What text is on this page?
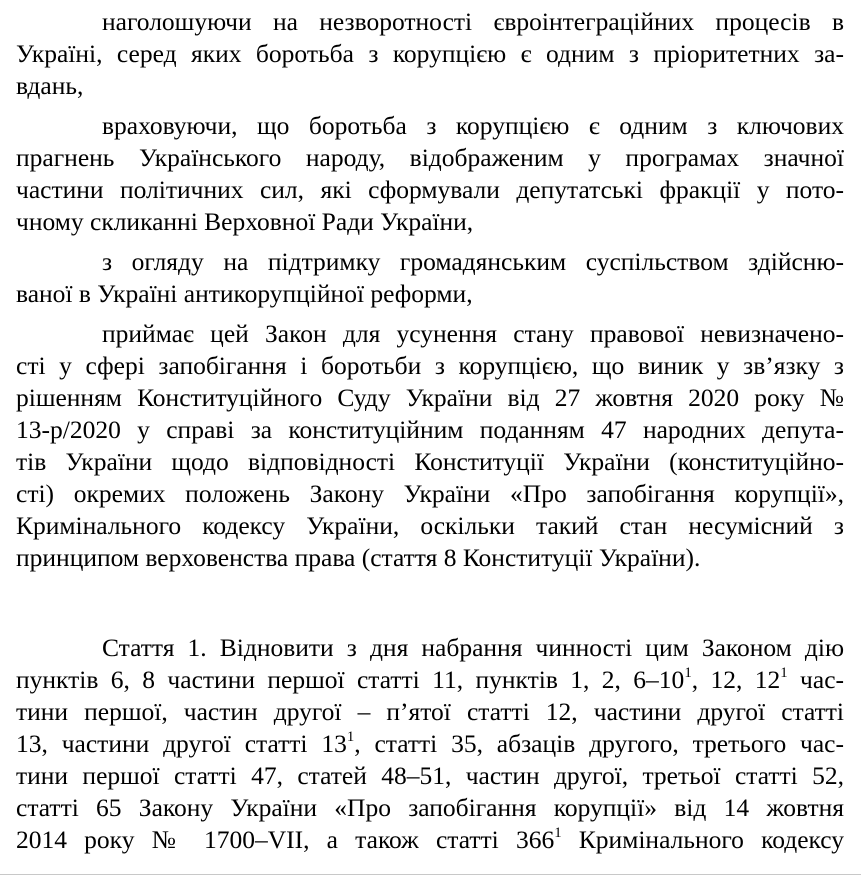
наголошуючи на незворотності євроінтеграційних процесів в
Україні, серед яких боротьба з корупцією є одним з пріоритетних за-
вдань,
враховуючи, що боротьба з корупцією є одним з ключових
прагнень Українського народу, відображеним у програмах значної
частини політичних сил, які сформували депутатські фракції у пото-
чному скликанні Верховної Ради України,
з огляду на підтримку громадянським суспільством здійсню-
ваної в Україні антикорупційної реформи,
приймає цей Закон для усунення стану правової невизначено-
сті у сфері запобігання і боротьби з корупцією, що виник у зв’язку з
рішенням Конституційного Суду України від 27 жовтня 2020 року №
13-р/2020 у справі за конституційним поданням 47 народних депута-
тів України щодо відповідності Конституції України (конституційно-
сті) окремих положень Закону України «Про запобігання корупції»,
Кримінального кодексу України, оскільки такий стан несумісний з
принципом верховенства права (стаття 8 Конституції України).
Стаття 1. Відновити з дня набрання чинності цим Законом дію
пунктів 6, 8 частини першої статті 11, пунктів 1, 2, $6-10^1$, 12, $12^1$ час-
тини першої, частин другої – п’ятої статті 12, частини другої статті
13, частини другої статті $13^1$, статті 35, абзаців другого, третього час-
тини першої статті 47, статей 48–51, частин другої, третьої статті 52,
статті 65 Закону України «Про запобігання корупції» від 14 жовтня
2014 року № 1700–VII, а також статті $366^1$ Кримінального кодексу
